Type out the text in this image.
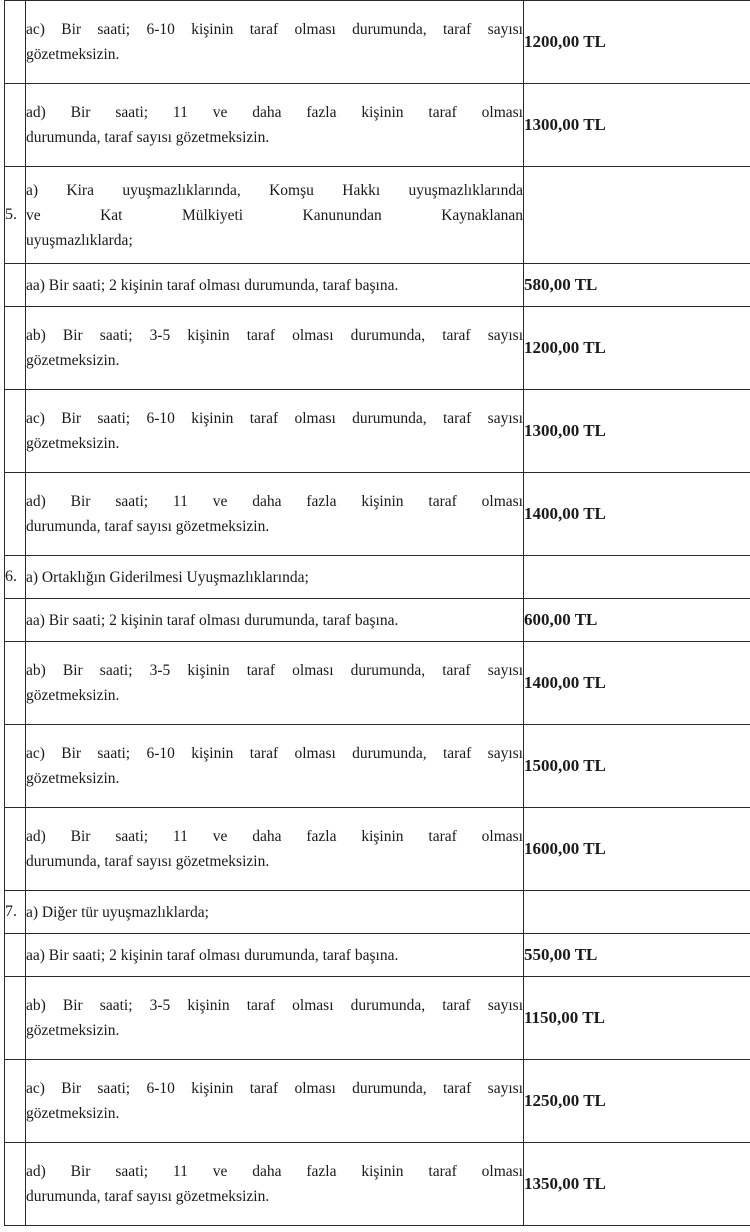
	ac) Bir saati; 6-10 kişinin taraf olması durumunda, taraf sayısı
gözetmeksizin.	1200,00 TL

	ad) Bir saati; 11 ve daha fazla kişinin taraf olması
durumunda, taraf sayısı gözetmeksizin.	1300,00 TL
5.	a) Kira uyuşmazlıklarında, Komşu Hakkı uyuşmazlıklarında
ve Kat Mülkiyeti Kanunundan Kaynaklanan
uyuşmazlıklarda;	

	aa) Bir saati; 2 kişinin taraf olması durumunda, taraf başına.	580,00 TL

	ab) Bir saati; 3-5 kişinin taraf olması durumunda, taraf sayısı
gözetmeksizin.	1200,00 TL

	ac) Bir saati; 6-10 kişinin taraf olması durumunda, taraf sayısı
gözetmeksizin.	1300,00 TL

	ad) Bir saati; 11 ve daha fazla kişinin taraf olması
durumunda, taraf sayısı gözetmeksizin.	1400,00 TL
6.	a) Ortaklığın Giderilmesi Uyuşmazlıklarında;	

	aa) Bir saati; 2 kişinin taraf olması durumunda, taraf başına.	600,00 TL

	ab) Bir saati; 3-5 kişinin taraf olması durumunda, taraf sayısı
gözetmeksizin.	1400,00 TL

	ac) Bir saati; 6-10 kişinin taraf olması durumunda, taraf sayısı
gözetmeksizin.	1500,00 TL

	ad) Bir saati; 11 ve daha fazla kişinin taraf olması
durumunda, taraf sayısı gözetmeksizin.	1600,00 TL
7.	a) Diğer tür uyuşmazlıklarda;	

	aa) Bir saati; 2 kişinin taraf olması durumunda, taraf başına.	550,00 TL

	ab) Bir saati; 3-5 kişinin taraf olması durumunda, taraf sayısı
gözetmeksizin.	1150,00 TL

	ac) Bir saati; 6-10 kişinin taraf olması durumunda, taraf sayısı
gözetmeksizin.	1250,00 TL

	ad) Bir saati; 11 ve daha fazla kişinin taraf olması
durumunda, taraf sayısı gözetmeksizin.	1350,00 TL
